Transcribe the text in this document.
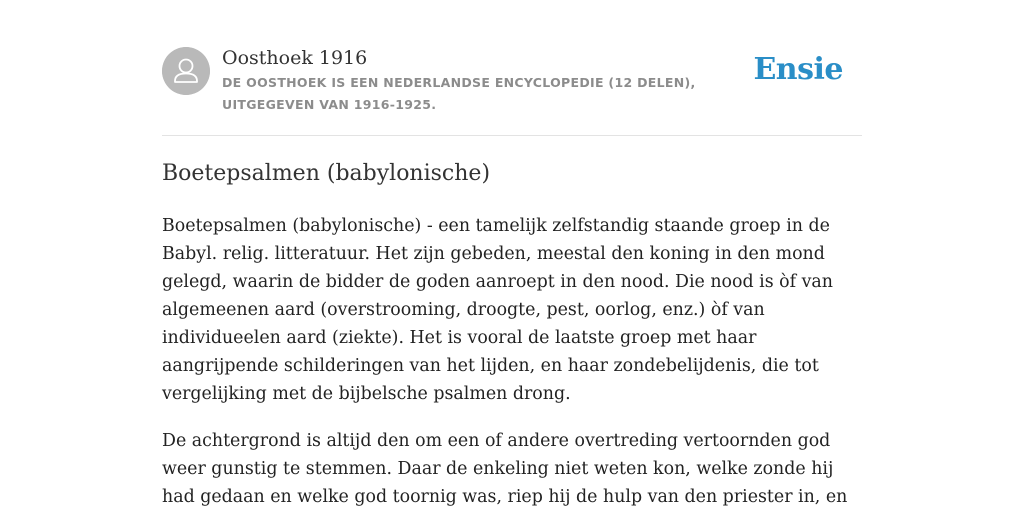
Oosthoek 1916

DE OOSTHOEK IS EEN NEDERLANDSE ENCYCLOPEDIE (12 DELEN), UITGEGEVEN VAN 1916-1925.

Ensie
Boetepsalmen (babylonische)

Boetepsalmen (babylonische) - een tamelijk zelfstandig staande groep in de Babyl. relig. litteratuur. Het zijn gebeden, meestal den koning in den mond gelegd, waarin de bidder de goden aanroept in den nood. Die nood is òf van algemeenen aard (overstrooming, droogte, pest, oorlog, enz.) òf van individueelen aard (ziekte). Het is vooral de laatste groep met haar aangrijpende schilderingen van het lijden, en haar zondebelijdenis, die tot vergelijking met de bijbelsche psalmen drong.

De achtergrond is altijd den om een of andere overtreding vertoornden god weer gunstig te stemmen. Daar de enkeling niet weten kon, welke zonde hij had gedaan en welke god toornig was, riep hij de hulp van den priester in, en
